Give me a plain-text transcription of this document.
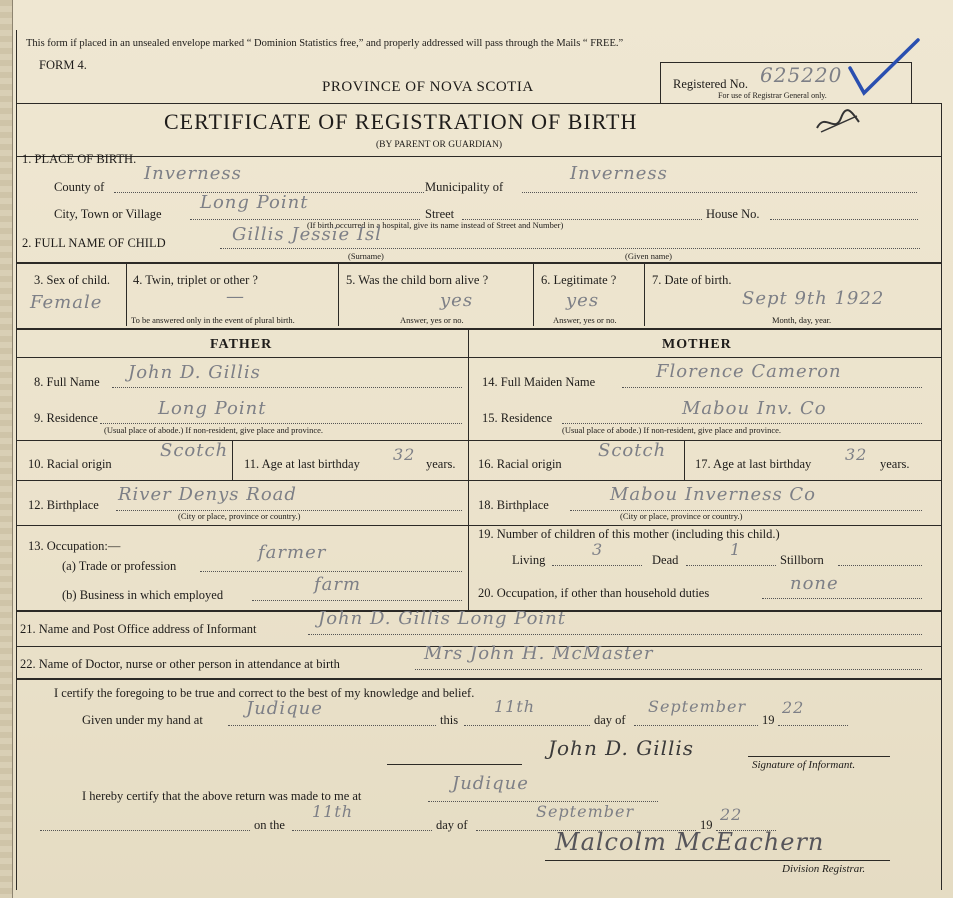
This form if placed in an unsealed envelope marked “ Dominion Statistics free,” and properly addressed will pass through the Mails “ FREE.”
FORM 4.
PROVINCE OF NOVA SCOTIA
CERTIFICATE OF REGISTRATION OF BIRTH
(BY PARENT OR GUARDIAN)
Registered No. 625220
For use of Registrar General only.
1. PLACE OF BIRTH.
County of
Inverness
Municipality of
Inverness
City, Town or Village
Long Point
Street	House No.
(If birth occurred in a hospital, give its name instead of Street and Number)
2. FULL NAME OF CHILD	Gillis Jessie Isl
(Surname)	(Given name)
3. Sex of child.
Female
4. Twin, triplet or other ?
—
To be answered only in the event of plural birth.
5. Was the child born alive ?
yes
Answer, yes or no.
6. Legitimate ?
yes
Answer, yes or no.
7. Date of birth.
Sept 9th 1922
Month, day, year.
FATHER	MOTHER
8. Full Name John D. Gillis
9. Residence	Long Point
(Usual place of abode.) If non-resident, give place and province.
10. Racial origin
Scotch
11. Age at last birthday 32 years.
12. Birthplace River Denys Road
(City or place, province or country.)
13. Occupation:—
(a) Trade or profession
farmer
(b) Business in which employed	farm
14. Full Maiden Name	Florence Cameron
15. Residence	Mabou Inv. Co
(Usual place of abode.) If non-resident, give place and province.
16. Racial origin
Scotch
17. Age at last birthday 32 years.
18. Birthplace	Mabou Inverness Co
(City or place, province or country.)
19. Number of children of this mother (including this child.)
Living
3
Dead
1
Stillborn
20. Occupation, if other than household duties	none
21. Name and Post Office address of Informant	John D. Gillis Long Point
22. Name of Doctor, nurse or other person in attendance at birth	Mrs John H. McMaster
I certify the foregoing to be true and correct to the best of my knowledge and belief.
Given under my hand at
Judique
this
11th
day of
September
19
22
John D. Gillis
Signature of Informant.
I hereby certify that the above return was made to me at
Judique
on the
11th
day of
September
19
22
Malcolm McEachern
Division Registrar.
